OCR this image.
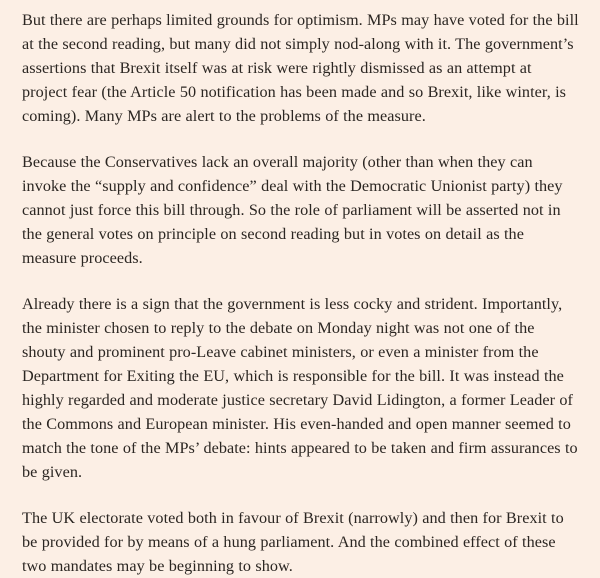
But there are perhaps limited grounds for optimism. MPs may have voted for the bill at the second reading, but many did not simply nod-along with it. The government’s assertions that Brexit itself was at risk were rightly dismissed as an attempt at project fear (the Article 50 notification has been made and so Brexit, like winter, is coming). Many MPs are alert to the problems of the measure.

Because the Conservatives lack an overall majority (other than when they can invoke the “supply and confidence” deal with the Democratic Unionist party) they cannot just force this bill through. So the role of parliament will be asserted not in the general votes on principle on second reading but in votes on detail as the measure proceeds.

Already there is a sign that the government is less cocky and strident. Importantly, the minister chosen to reply to the debate on Monday night was not one of the shouty and prominent pro-Leave cabinet ministers, or even a minister from the Department for Exiting the EU, which is responsible for the bill. It was instead the highly regarded and moderate justice secretary David Lidington, a former Leader of the Commons and European minister. His even-handed and open manner seemed to match the tone of the MPs’ debate: hints appeared to be taken and firm assurances to be given.

The UK electorate voted both in favour of Brexit (narrowly) and then for Brexit to be provided for by means of a hung parliament. And the combined effect of these two mandates may be beginning to show.
